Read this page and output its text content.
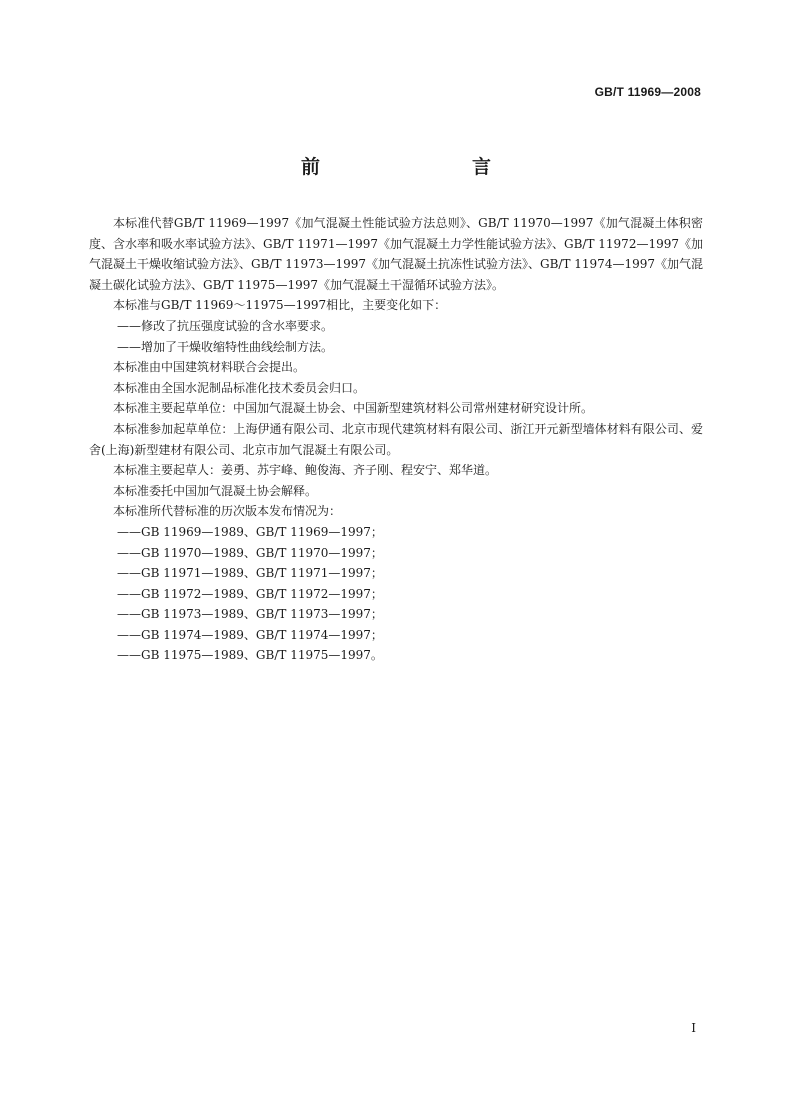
GB/T 11969—2008
前　　言

本标准代替GB/T 11969—1997《加气混凝土性能试验方法总则》、GB/T 11970—1997《加气混凝土体积密度、含水率和吸水率试验方法》、GB/T 11971—1997《加气混凝土力学性能试验方法》、GB/T 11972—1997《加气混凝土干燥收缩试验方法》、GB/T 11973—1997《加气混凝土抗冻性试验方法》、GB/T 11974—1997《加气混凝土碳化试验方法》、GB/T 11975—1997《加气混凝土干湿循环试验方法》。

本标准与GB/T 11969～11975—1997相比，主要变化如下：

——修改了抗压强度试验的含水率要求。

——增加了干燥收缩特性曲线绘制方法。

本标准由中国建筑材料联合会提出。

本标准由全国水泥制品标准化技术委员会归口。

本标准主要起草单位：中国加气混凝土协会、中国新型建筑材料公司常州建材研究设计所。

本标准参加起草单位：上海伊通有限公司、北京市现代建筑材料有限公司、浙江开元新型墙体材料有限公司、爱舍(上海)新型建材有限公司、北京市加气混凝土有限公司。

本标准主要起草人：姜勇、苏宇峰、鲍俊海、齐子刚、程安宁、郑华道。

本标准委托中国加气混凝土协会解释。

本标准所代替标准的历次版本发布情况为：

——GB 11969—1989、GB/T 11969—1997；

——GB 11970—1989、GB/T 11970—1997；

——GB 11971—1989、GB/T 11971—1997；

——GB 11972—1989、GB/T 11972—1997；

——GB 11973—1989、GB/T 11973—1997；

——GB 11974—1989、GB/T 11974—1997；

——GB 11975—1989、GB/T 11975—1997。

I
